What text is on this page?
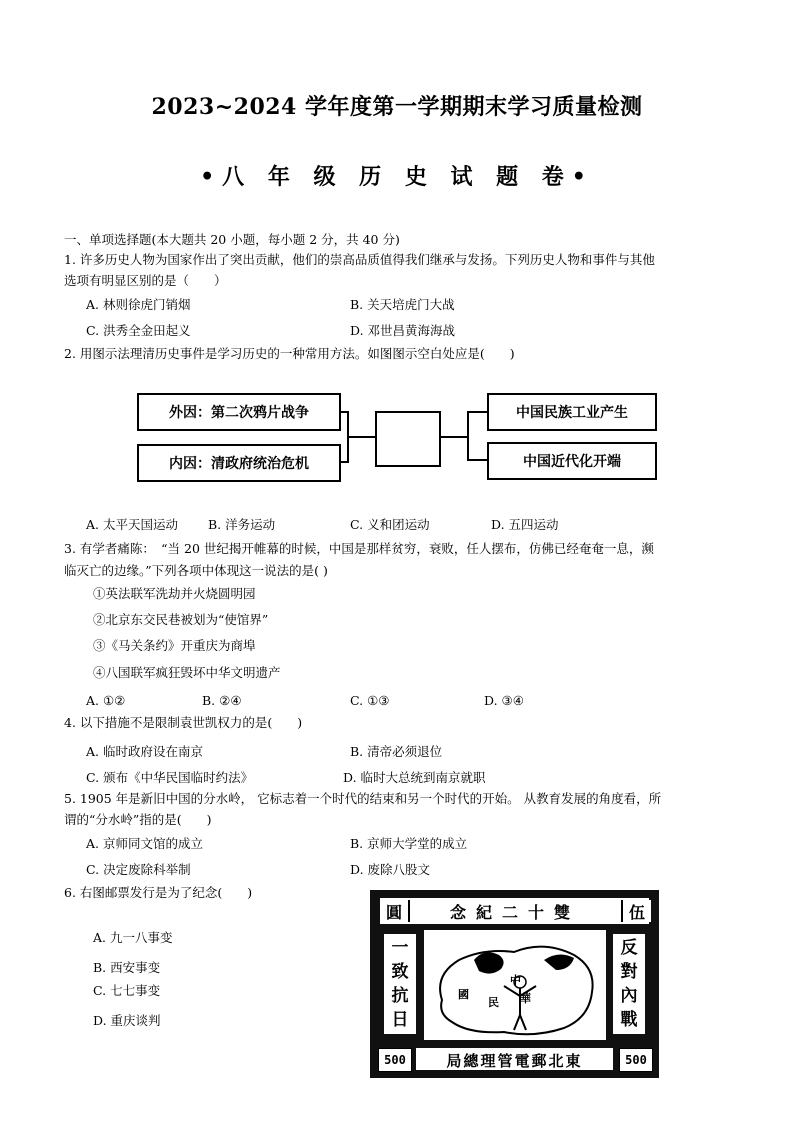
2023~2024 学年度第一学期期末学习质量检测
•八 年 级 历 史 试 题 卷•
一、单项选择题(本大题共 20 小题，每小题 2 分，共 40 分)
1. 许多历史人物为国家作出了突出贡献，他们的崇高品质值得我们继承与发扬。下列历史人物和事件与其他
选项有明显区别的是（　　）
A. 林则徐虎门销烟	B. 关天培虎门大战
C. 洪秀全金田起义	D. 邓世昌黄海海战
2. 用图示法理清历史事件是学习历史的一种常用方法。如图图示空白处应是(　　)
外因：第二次鸦片战争
内因：清政府统治危机
中国民族工业产生
中国近代化开端
A. 太平天国运动 B. 洋务运动	C. 义和团运动	D. 五四运动
3. 有学者痛陈：　“当 20 世纪揭开帷幕的时候，中国是那样贫穷，衰败，任人摆布，仿佛已经奄奄一息，濒
临灭亡的边缘。”下列各项中体现这一说法的是( )
①英法联军洗劫并火烧圆明园
②北京东交民巷被划为“使馆界”
③《马关条约》开重庆为商埠
④八国联军疯狂毁坏中华文明遗产
A. ①②	B. ②④	C. ①③	D. ③④
4. 以下措施不是限制袁世凯权力的是(　　)
A. 临时政府设在南京	B. 清帝必须退位
C. 颁布《中华民国临时约法》	D. 临时大总统到南京就职
5. 1905 年是新旧中国的分水岭， 它标志着一个时代的结束和另一个时代的开始。 从教育发展的角度看，所
谓的“分水岭”指的是(　　)
A. 京师同文馆的成立	B. 京师大学堂的成立
C. 决定废除科举制	D. 废除八股文
6. 右图邮票发行是为了纪念(　　)
A. 九一八事变
B. 西安事变
C. 七七事变
D. 重庆谈判
圓	念紀二十雙	伍
一致抗日
反對內戰
中
華
民
國
500	局總理管電郵北東	500
